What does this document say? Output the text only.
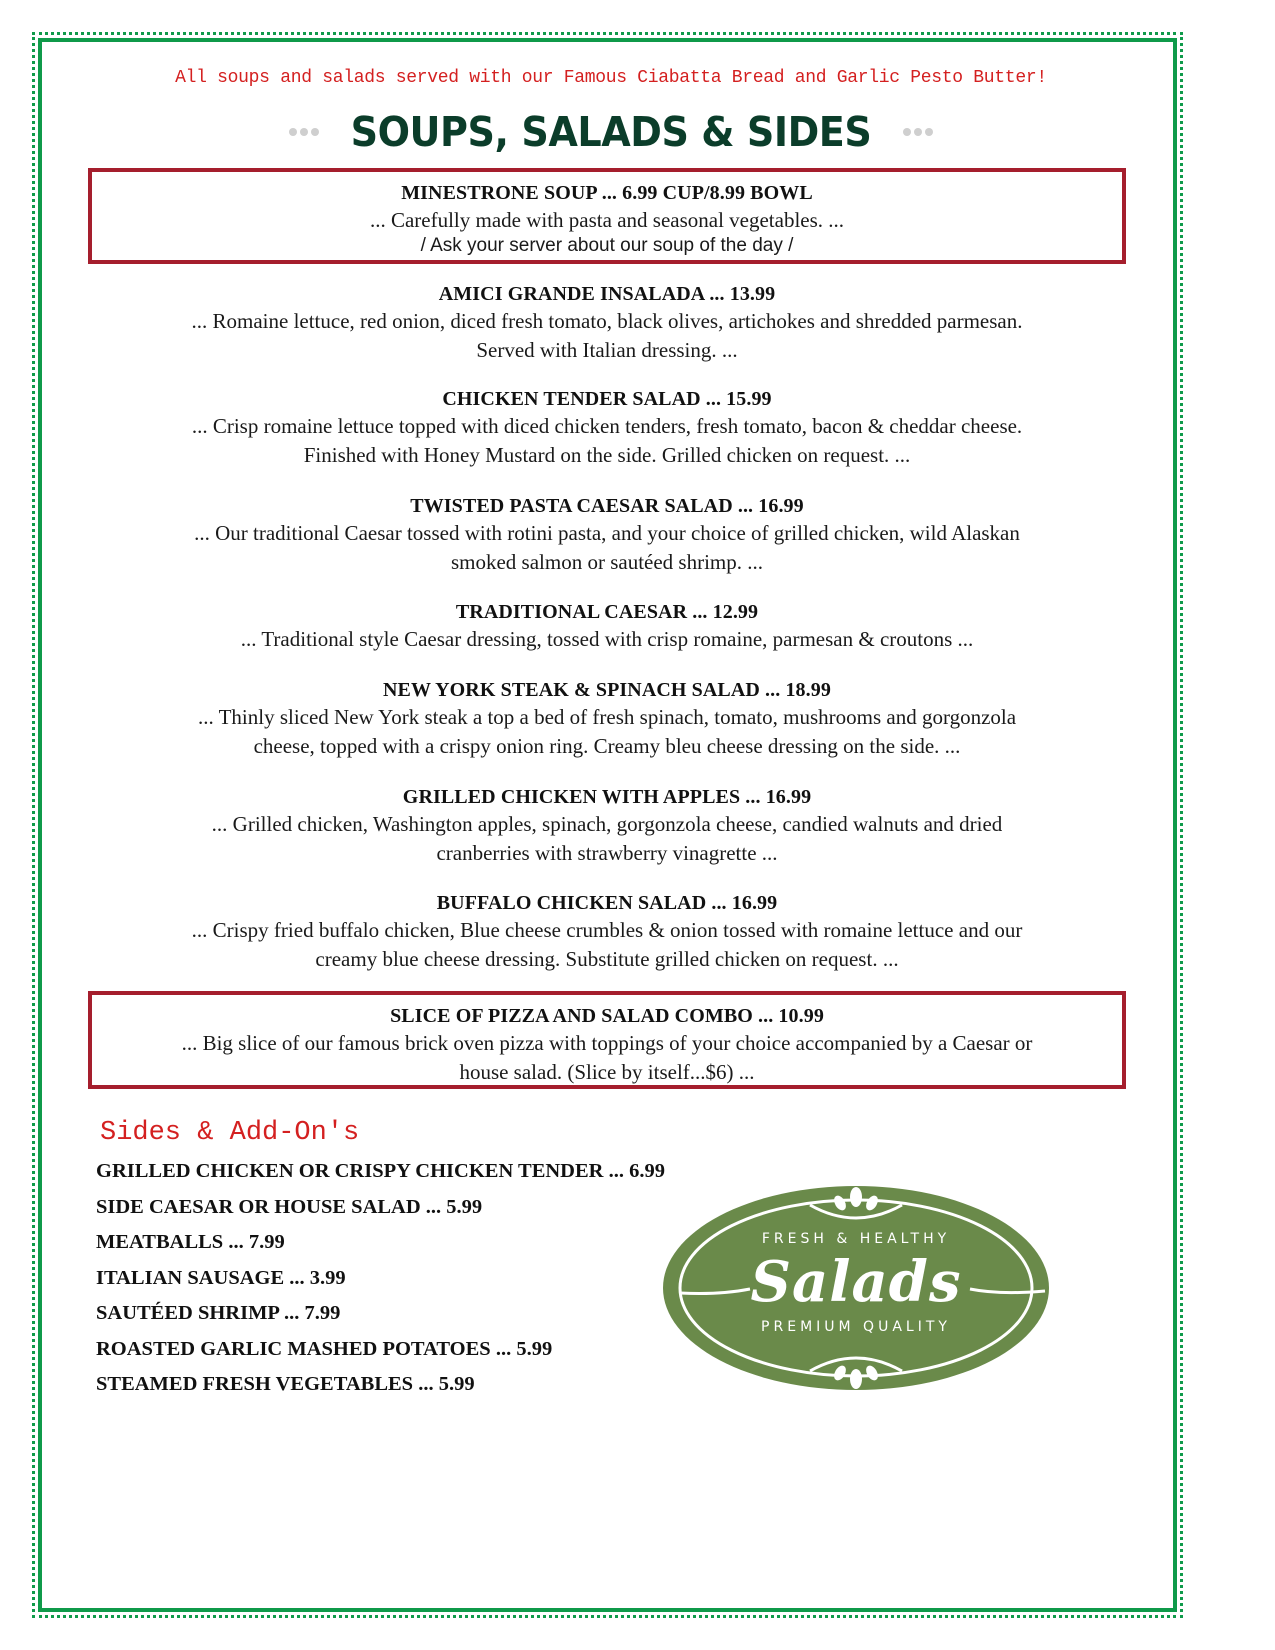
All soups and salads served with our Famous Ciabatta Bread and Garlic Pesto Butter!
SOUPS, SALADS & SIDES
MINESTRONE SOUP ... 6.99 CUP/8.99 BOWL
... Carefully made with pasta and seasonal vegetables. ...
/ Ask your server about our soup of the day /
AMICI GRANDE INSALADA ... 13.99
... Romaine lettuce, red onion, diced fresh tomato, black olives, artichokes and shredded parmesan.
Served with Italian dressing. ...
CHICKEN TENDER SALAD ... 15.99
... Crisp romaine lettuce topped with diced chicken tenders, fresh tomato, bacon & cheddar cheese.
Finished with Honey Mustard on the side. Grilled chicken on request. ...
TWISTED PASTA CAESAR SALAD ... 16.99
... Our traditional Caesar tossed with rotini pasta, and your choice of grilled chicken, wild Alaskan
smoked salmon or sautéed shrimp. ...
TRADITIONAL CAESAR ... 12.99
... Traditional style Caesar dressing, tossed with crisp romaine, parmesan & croutons ...
NEW YORK STEAK & SPINACH SALAD ... 18.99
... Thinly sliced New York steak a top a bed of fresh spinach, tomato, mushrooms and gorgonzola
cheese, topped with a crispy onion ring. Creamy bleu cheese dressing on the side. ...
GRILLED CHICKEN WITH APPLES ... 16.99
... Grilled chicken, Washington apples, spinach, gorgonzola cheese, candied walnuts and dried
cranberries with strawberry vinagrette ...
BUFFALO CHICKEN SALAD ... 16.99
... Crispy fried buffalo chicken, Blue cheese crumbles & onion tossed with romaine lettuce and our
creamy blue cheese dressing. Substitute grilled chicken on request. ...
SLICE OF PIZZA AND SALAD COMBO ... 10.99
... Big slice of our famous brick oven pizza with toppings of your choice accompanied by a Caesar or
house salad. (Slice by itself...$6) ...
Sides & Add-On's
GRILLED CHICKEN OR CRISPY CHICKEN TENDER ... 6.99
SIDE CAESAR OR HOUSE SALAD ... 5.99
MEATBALLS ... 7.99
ITALIAN SAUSAGE ... 3.99
SAUTÉED SHRIMP ... 7.99
ROASTED GARLIC MASHED POTATOES ... 5.99
STEAMED FRESH VEGETABLES ... 5.99
FRESH & HEALTHY
Salads
PREMIUM QUALITY
